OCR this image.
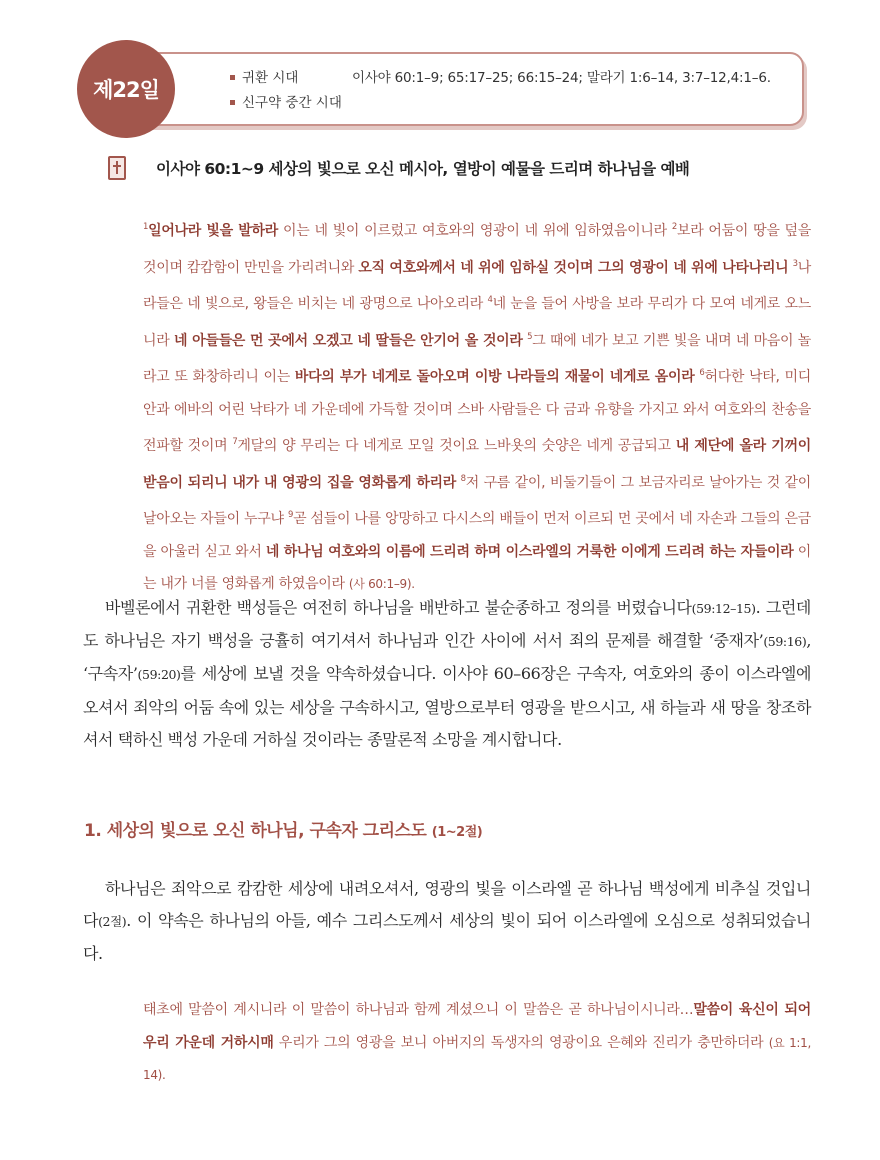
제22일	귀환 시대
신구약 중간 시대
이사야 60:1–9; 65:17–25; 66:15–24; 말라기 1:6–14, 3:7–12,4:1–6.
이사야 60:1~9 세상의 빛으로 오신 메시아, 열방이 예물을 드리며 하나님을 예배
$^1$일어나라 빛을 발하라 이는 네 빛이 이르렀고 여호와의 영광이 네 위에 임하였음이니라 $^2$보라 어둠이 땅을 덮을 것이며 캄캄함이 만민을 가리려니와 오직 여호와께서 네 위에 임하실 것이며 그의 영광이 네 위에 나타나리니 $^3$나라들은 네 빛으로, 왕들은 비치는 네 광명으로 나아오리라 $^4$네 눈을 들어 사방을 보라 무리가 다 모여 네게로 오느니라 네 아들들은 먼 곳에서 오겠고 네 딸들은 안기어 올 것이라 $^5$그 때에 네가 보고 기쁜 빛을 내며 네 마음이 놀라고 또 화창하리니 이는 바다의 부가 네게로 돌아오며 이방 나라들의 재물이 네게로 옴이라 $^6$허다한 낙타, 미디안과 에바의 어린 낙타가 네 가운데에 가득할 것이며 스바 사람들은 다 금과 유향을 가지고 와서 여호와의 찬송을 전파할 것이며 $^7$게달의 양 무리는 다 네게로 모일 것이요 느바욧의 숫양은 네게 공급되고 내 제단에 올라 기꺼이 받음이 되리니 내가 내 영광의 집을 영화롭게 하리라 $^8$저 구름 같이, 비둘기들이 그 보금자리로 날아가는 것 같이 날아오는 자들이 누구냐 $^9$곧 섬들이 나를 앙망하고 다시스의 배들이 먼저 이르되 먼 곳에서 네 자손과 그들의 은금을 아울러 싣고 와서 네 하나님 여호와의 이름에 드리려 하며 이스라엘의 거룩한 이에게 드리려 하는 자들이라 이는 내가 너를 영화롭게 하였음이라 (사 60:1–9).
바벨론에서 귀환한 백성들은 여전히 하나님을 배반하고 불순종하고 정의를 버렸습니다(59:12–15). 그런데도 하나님은 자기 백성을 긍휼히 여기셔서 하나님과 인간 사이에 서서 죄의 문제를 해결할 ‘중재자’(59:16), ‘구속자’(59:20)를 세상에 보낼 것을 약속하셨습니다. 이사야 60–66장은 구속자, 여호와의 종이 이스라엘에 오셔서 죄악의 어둠 속에 있는 세상을 구속하시고, 열방으로부터 영광을 받으시고, 새 하늘과 새 땅을 창조하셔서 택하신 백성 가운데 거하실 것이라는 종말론적 소망을 계시합니다.
1. 세상의 빛으로 오신 하나님, 구속자 그리스도 (1~2절)
하나님은 죄악으로 캄캄한 세상에 내려오셔서, 영광의 빛을 이스라엘 곧 하나님 백성에게 비추실 것입니다(2절). 이 약속은 하나님의 아들, 예수 그리스도께서 세상의 빛이 되어 이스라엘에 오심으로 성취되었습니다.
태초에 말씀이 계시니라 이 말씀이 하나님과 함께 계셨으니 이 말씀은 곧 하나님이시니라…말씀이 육신이 되어 우리 가운데 거하시매 우리가 그의 영광을 보니 아버지의 독생자의 영광이요 은혜와 진리가 충만하더라 (요 1:1, 14).
